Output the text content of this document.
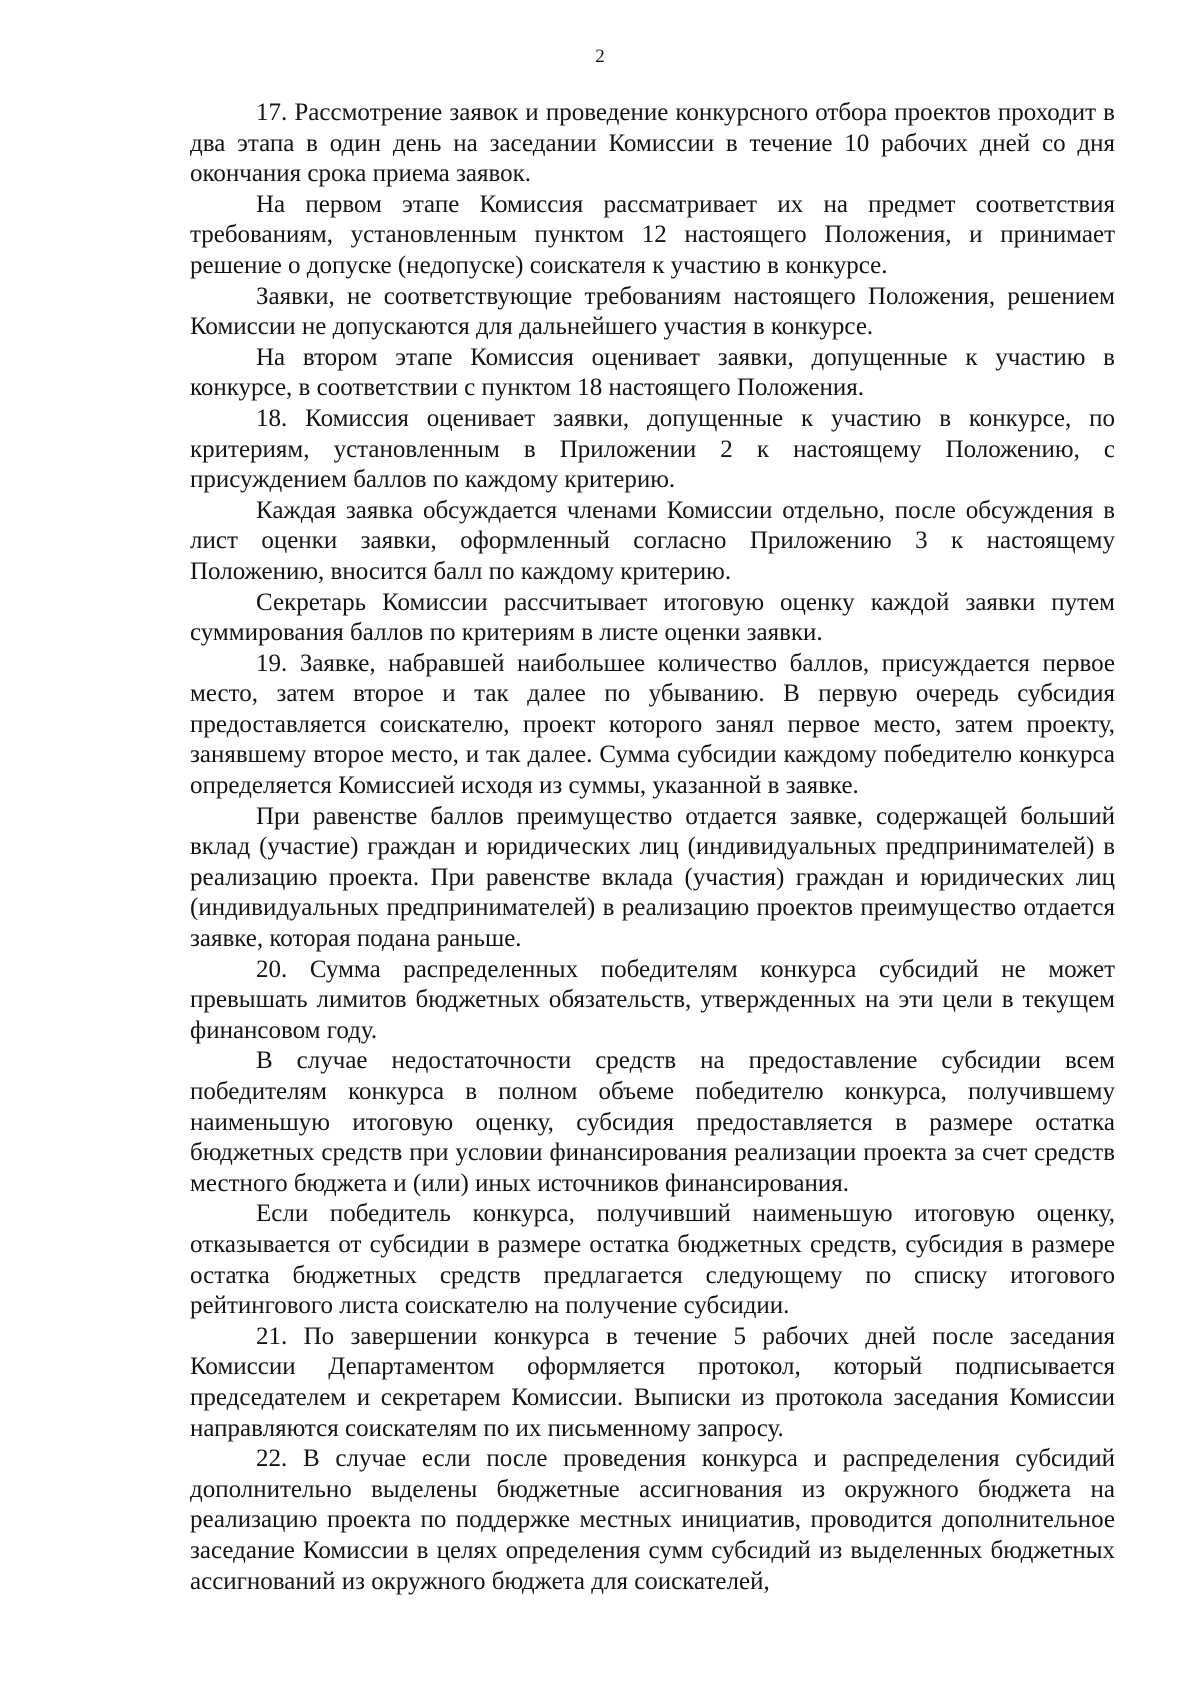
2

17. Рассмотрение заявок и проведение конкурсного отбора проектов проходит в два этапа в один день на заседании Комиссии в течение 10 рабочих дней со дня окончания срока приема заявок.

На первом этапе Комиссия рассматривает их на предмет соответствия требованиям, установленным пунктом 12 настоящего Положения, и принимает решение о допуске (недопуске) соискателя к участию в конкурсе.

Заявки, не соответствующие требованиям настоящего Положения, решением Комиссии не допускаются для дальнейшего участия в конкурсе.

На втором этапе Комиссия оценивает заявки, допущенные к участию в конкурсе, в соответствии с пунктом 18 настоящего Положения.

18. Комиссия оценивает заявки, допущенные к участию в конкурсе, по критериям, установленным в Приложении 2 к настоящему Положению, с присуждением баллов по каждому критерию.

Каждая заявка обсуждается членами Комиссии отдельно, после обсуждения в лист оценки заявки, оформленный согласно Приложению 3 к настоящему Положению, вносится балл по каждому критерию.

Секретарь Комиссии рассчитывает итоговую оценку каждой заявки путем суммирования баллов по критериям в листе оценки заявки.

19. Заявке, набравшей наибольшее количество баллов, присуждается первое место, затем второе и так далее по убыванию. В первую очередь субсидия предоставляется соискателю, проект которого занял первое место, затем проекту, занявшему второе место, и так далее. Сумма субсидии каждому победителю конкурса определяется Комиссией исходя из суммы, указанной в заявке.

При равенстве баллов преимущество отдается заявке, содержащей больший вклад (участие) граждан и юридических лиц (индивидуальных предпринимателей) в реализацию проекта. При равенстве вклада (участия) граждан и юридических лиц (индивидуальных предпринимателей) в реализацию проектов преимущество отдается заявке, которая подана раньше.

20. Сумма распределенных победителям конкурса субсидий не может превышать лимитов бюджетных обязательств, утвержденных на эти цели в текущем финансовом году.

В случае недостаточности средств на предоставление субсидии всем победителям конкурса в полном объеме победителю конкурса, получившему наименьшую итоговую оценку, субсидия предоставляется в размере остатка бюджетных средств при условии финансирования реализации проекта за счет средств местного бюджета и (или) иных источников финансирования.

Если победитель конкурса, получивший наименьшую итоговую оценку, отказывается от субсидии в размере остатка бюджетных средств, субсидия в размере остатка бюджетных средств предлагается следующему по списку итогового рейтингового листа соискателю на получение субсидии.

21. По завершении конкурса в течение 5 рабочих дней после заседания Комиссии Департаментом оформляется протокол, который подписывается председателем и секретарем Комиссии. Выписки из протокола заседания Комиссии направляются соискателям по их письменному запросу.

22. В случае если после проведения конкурса и распределения субсидий дополнительно выделены бюджетные ассигнования из окружного бюджета на реализацию проекта по поддержке местных инициатив, проводится дополнительное заседание Комиссии в целях определения сумм субсидий из выделенных бюджетных ассигнований из окружного бюджета для соискателей,
